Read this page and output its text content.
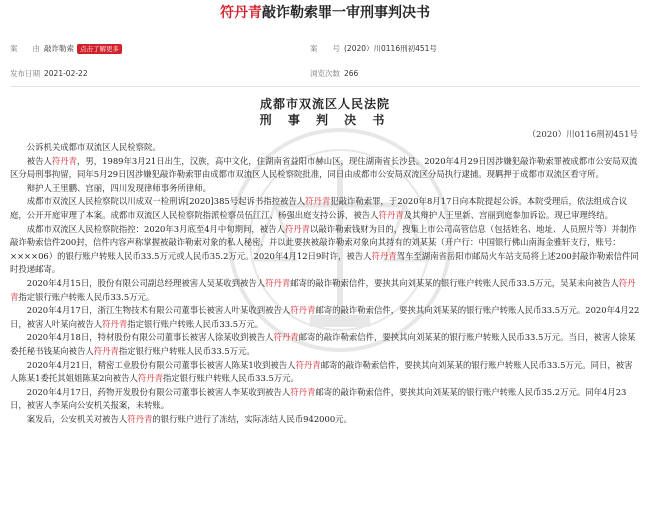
符丹青敲诈勒索罪一审刑事判决书
案　　由 敲诈勒索 点击了解更多	案　　号 (2020）川0116刑初451号
发布日期 2021-02-22	浏览次数 266
成都市双流区人民法院
刑 事 判 决 书
（2020）川0116刑初451号

公诉机关成都市双流区人民检察院。

被告人符丹青，男，1989年3月21日出生，汉族，高中文化，住湖南省益阳市赫山区，现住湖南省长沙县。2020年4月29日因涉嫌犯敲诈勒索罪被成都市公安局双流区分局刑事拘留，同年5月29日因涉嫌犯敲诈勒索罪由成都市双流区人民检察院批准，同日由成都市公安局双流区分局执行逮捕。现羁押于成都市双流区看守所。

辩护人王里鹏、宫丽，四川发现律师事务所律师。

成都市双流区人民检察院以川成双一检刑诉[2020]385号起诉书指控被告人符丹青犯敲诈勒索罪，于2020年8月17日向本院提起公诉。本院受理后，依法组成合议庭，公开开庭审理了本案。成都市双流区人民检察院指派检察员伍江江、杨强出庭支持公诉，被告人符丹青及其辩护人王里新、宫丽到庭参加诉讼。现已审理终结。

成都市双流区人民检察院指控：2020年3月底至4月中旬期间，被告人符丹青以敲诈勒索钱财为目的，搜集上市公司高管信息（包括姓名、地址、人员照片等）并制作敲诈勒索信件200封，信件内容声称掌握被敲诈勒索对象的私人秘密，并以此要挟被敲诈勒索对象向其持有的刘某某（开户行：中国银行佛山南海金雅轩支行，账号：××××06）的银行账户转账人民币33.5万元或人民币35.2万元。2020年4月12日9时许，被告人符丹青驾车至湖南省岳阳市邮局火车站支局将上述200封敲诈勒索信件同时投递邮寄。

2020年4月15日，股份有限公司副总经理被害人吴某收到被告人符丹青邮寄的敲诈勒索信件，要挟其向刘某某的银行账户转账人民币33.5万元，吴某未向被告人符丹青指定银行账户转账人民币33.5万元。

2020年4月17日，浙江生物技术有限公司董事长被害人叶某收到被告人符丹青邮寄的敲诈勒索信件，要挟其向刘某某的银行账户转账人民币33.5万元。2020年4月22日，被害人叶某向被告人符丹青指定银行账户转账人民币33.5万元。

2020年4月18日，特材股份有限公司董事长被害人徐某收到被告人符丹青邮寄的敲诈勒索信件，要挟其向刘某某的银行账户转账人民币33.5万元。当日，被害人徐某委托秘书钱某向被告人符丹青指定银行账户转账人民币33.5万元。

2020年4月21日，精密工业股份有限公司董事长被害人陈某1收到被告人符丹青邮寄的敲诈勒索信件，要挟其向刘某某的银行账户转账人民币33.5万元。同日，被害人陈某1委托其姐姐陈某2向被告人符丹青指定银行账户转账人民币33.5万元。

2020年4月17日，药物开发股份有限公司董事长被害人李某收到被告人符丹青邮寄的敲诈勒索信件，要挟其向刘某某的银行账户转账人民币35.2万元。同年4月23日，被害人李某向公安机关报案，未转账。

案发后，公安机关对被告人符丹青的银行账户进行了冻结，实际冻结人民币942000元。
